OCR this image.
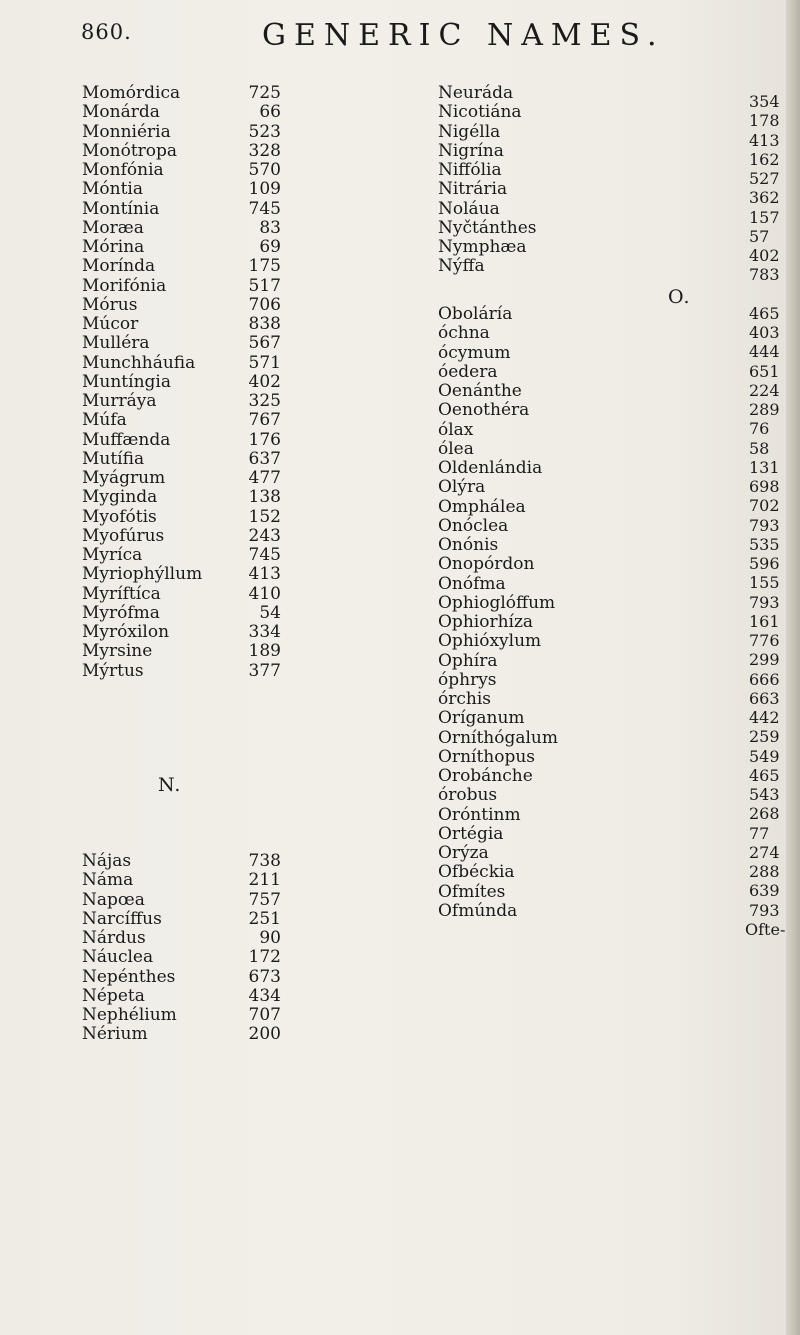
860.	GENERIC NAMES.
Momórdica
Monárda
Monniéria
Monótropa
Monfónia
Móntia
Montínia
Moræa
Mórina
Morínda
Morifónia
Mórus
Múcor
Mulléra
Munchháufia
Muntíngia
Murráya
Múfa
Muffænda
Mutífia
Myágrum
Myginda
Myofótis
Myofúrus
Myríca
Myriophýllum
Myríftíca
Myrófma
Myróxilon
Myrsine
Mýrtus
725
66
523
328
570
109
745
83
69
175
517
706
838
567
571
402
325
767
176
637
477
138
152
243
745
413
410
54
334
189
377
N.
Nájas
Náma
Napœa
Narcíffus
Nárdus
Náuclea
Nepénthes
Népeta
Nephélium
Nérium
738
211
757
251
90
172
673
434
707
200
Neuráda
Nicotiána
Nigélla
Nigrína
Niffólia
Nitrária
Noláua
Nyčtánthes
Nymphæa
Nýffa
O.
Oboláría
óchna
ócymum
óedera
Oenánthe
Oenothéra
ólax
ólea
Oldenlándia
Olýra
Omphálea
Onóclea
Onónis
Onopórdon
Onófma
Ophioglóffum
Ophiorhíza
Ophióxylum
Ophíra
óphrys
órchis
Oríganum
Orníthógalum
Orníthopus
Orobánche
órobus
Oróntinm
Ortégia
Orýza
Ofbéckia
Ofmítes
Ofmúnda
354
178
413
162
527
362
157
57
402
783
465
403
444
651
224
289
76
58
131
698
702
793
535
596
155
793
161
776
299
666
663
442
259
549
465
543
268
77
274
288
639
793
Ofte-
